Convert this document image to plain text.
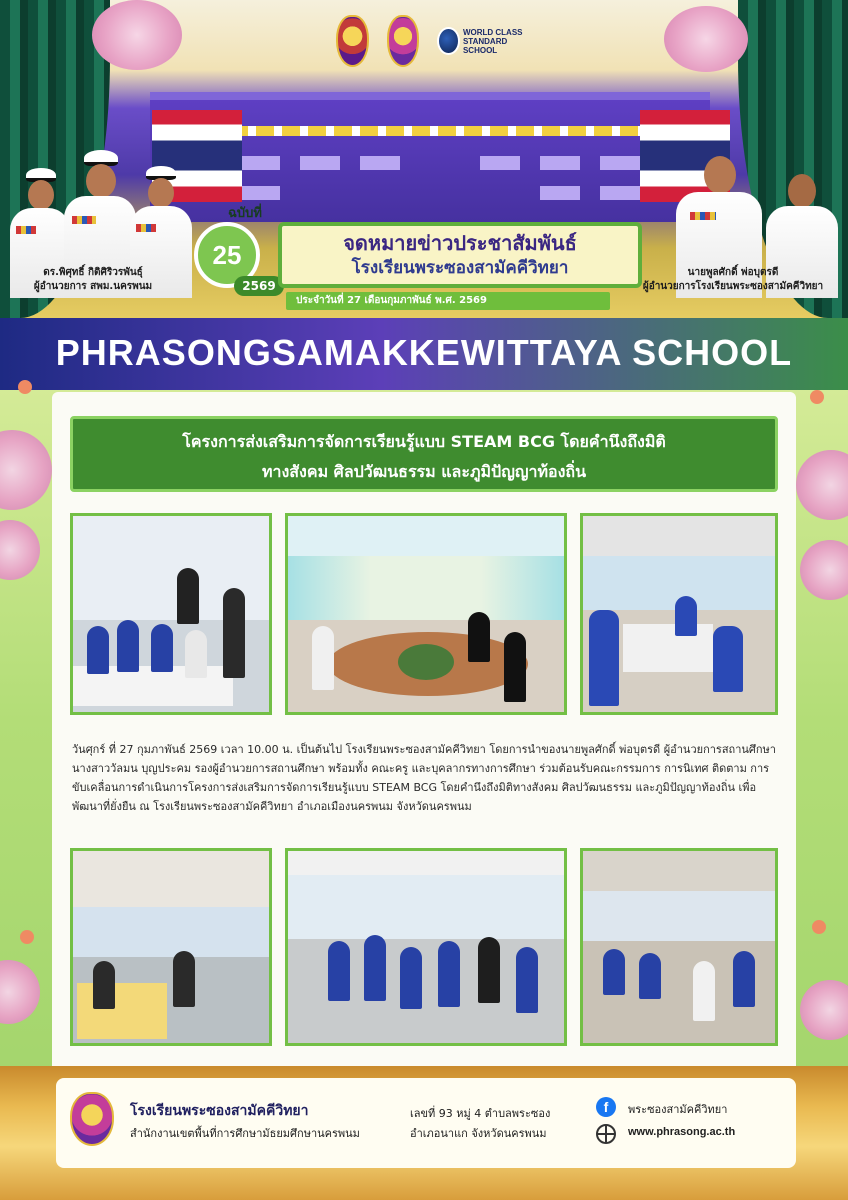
WORLD CLASS
STANDARD SCHOOL
ฉบับที่
25
2569
จดหมายข่าวประชาสัมพันธ์
โรงเรียนพระซองสามัคคีวิทยา
ประจำวันที่ 27 เดือนกุมภาพันธ์ พ.ศ. 2569
ดร.พิศุทธิ์ กิติศิริวรพันธุ์
ผู้อำนวยการ สพม.นครพนม
นายพูลศักดิ์ พ่อบุตรดี
ผู้อำนวยการโรงเรียนพระซองสามัคคีวิทยา
PHRASONGSAMAKKEWITTAYA SCHOOL
โครงการส่งเสริมการจัดการเรียนรู้แบบ STEAM BCG โดยคำนึงถึงมิติ
ทางสังคม ศิลปวัฒนธรรม และภูมิปัญญาท้องถิ่น
วันศุกร์ ที่ 27 กุมภาพันธ์ 2569 เวลา 10.00 น. เป็นต้นไป โรงเรียนพระซองสามัคคีวิทยา โดยการนำของนายพูลศักดิ์ พ่อบุตรดี ผู้อำนวยการสถานศึกษา นางสาววัลมน บุญประคม รองผู้อำนวยการสถานศึกษา พร้อมทั้ง คณะครู และบุคลากรทางการศึกษา ร่วมต้อนรับคณะกรรมการ การนิเทศ ติดตาม การขับเคลื่อนการดำเนินการโครงการส่งเสริมการจัดการเรียนรู้แบบ STEAM BCG โดยคำนึงถึงมิติทางสังคม ศิลปวัฒนธรรม และภูมิปัญญาท้องถิ่น เพื่อพัฒนาที่ยั่งยืน ณ โรงเรียนพระซองสามัคคีวิทยา อำเภอเมืองนครพนม จังหวัดนครพนม
โรงเรียนพระซองสามัคคีวิทยา
สำนักงานเขตพื้นที่การศึกษามัธยมศึกษานครพนม
เลขที่ 93 หมู่ 4 ตำบลพระซอง
อำเภอนาแก จังหวัดนครพนม
f	พระซองสามัคคีวิทยา
www.phrasong.ac.th
